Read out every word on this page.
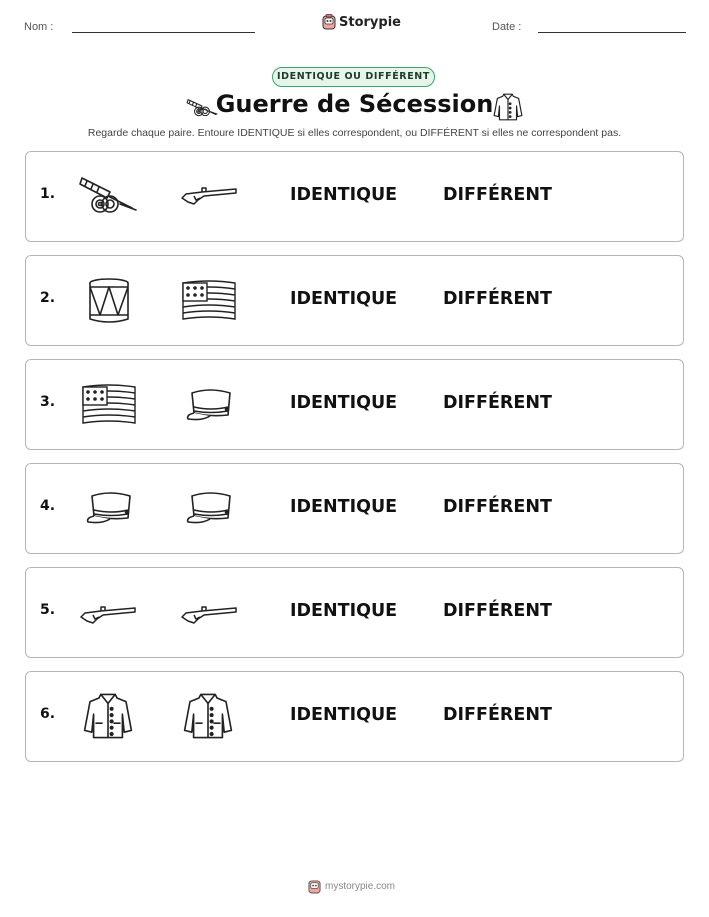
Nom :	Storypie	Date :
IDENTIQUE OU DIFFÉRENT
Guerre de Sécession
Regarde chaque paire. Entoure IDENTIQUE si elles correspondent, ou DIFFÉRENT si elles ne correspondent pas.
1.	IDENTIQUE	DIFFÉRENT
2.	IDENTIQUE	DIFFÉRENT
3.	IDENTIQUE	DIFFÉRENT
4.	IDENTIQUE	DIFFÉRENT
5.	IDENTIQUE	DIFFÉRENT
6.	IDENTIQUE	DIFFÉRENT
mystorypie.com
